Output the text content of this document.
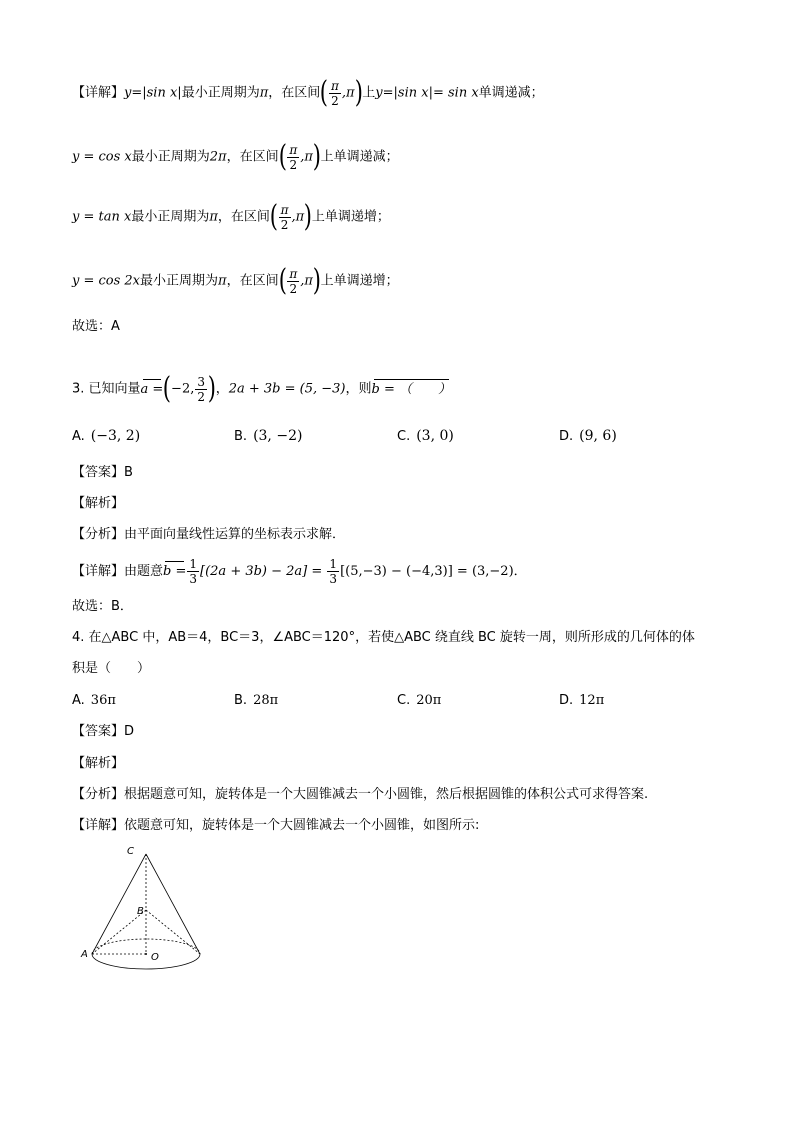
【详解】y=|sin x|最小正周期为π，在区间( $\frac{\pi}{2} ,\pi$)上y=|sin x|= sin x单调递减；
y = cos x最小正周期为2π，在区间( $\frac{\pi}{2} ,\pi$)上单调递减；
y = tan x最小正周期为π，在区间( $\frac{\pi}{2} ,\pi$)上单调递增；
y = cos 2x最小正周期为π，在区间( $\frac{\pi}{2} ,\pi$)上单调递增；
故选：A
3. 已知向量a =(−2, $\frac{3}{2}$ )，2a + 3b = (5, −3)，则b = （　　）
A. (−3, 2)	B. (3, −2)	C. (3, 0)	D. (9, 6)
【答案】B
【解析】
【分析】由平面向量线性运算的坐标表示求解．
【详解】由题意$b = \frac{1}{3} [(2a + 3b) - 2a] = \frac{1}{3} [(5,-3) - (-4,3)] = (3,-2)$．
故选：B．
4. 在△ABC 中，AB＝4，BC＝3，∠ABC＝120°，若使△ABC 绕直线 BC 旋转一周，则所形成的几何体的体
积是（　　）
A. 36π	B. 28π	C. 20π	D. 12π
【答案】D
【解析】
【分析】根据题意可知，旋转体是一个大圆锥减去一个小圆锥，然后根据圆锥的体积公式可求得答案.
【详解】依题意可知，旋转体是一个大圆锥减去一个小圆锥，如图所示:
C
B
A	O
